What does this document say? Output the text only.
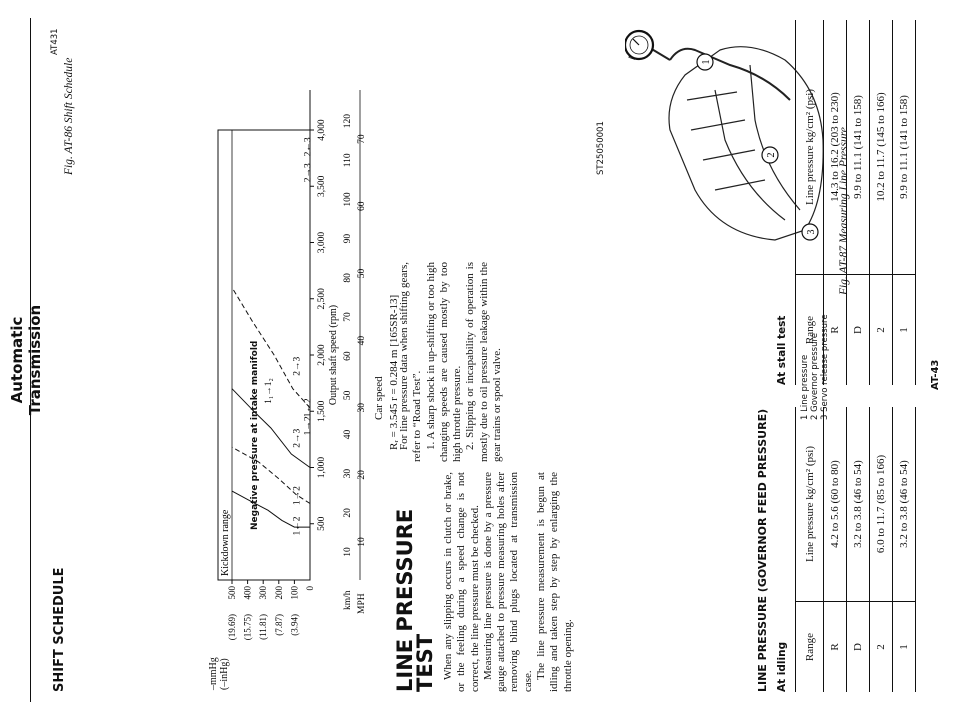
Automatic Transmission
SHIFT SCHEDULE
AT431
Fig. AT-86 Shift Schedule
Negative pressure at intake manifold
–mmHg
(–inHg)
Kickdown range
100
(3.94)
200
(7.87)
300
(11.81)
400
(15.75)
500
(19.69)
0
500
1,000
1,500
2,000
2,500
3,000
3,500
4,000
Output shaft speed (rpm)
km/h
10
20
30
40
50
60
70
80
90
100
110
120
MPH
10
20
30
40
50
60
70
1→2
1←2
2→3
2←3
1→2
1←2
2→3
2→3
1₁→1₂	Car speed Rᵣ = 3.545 r = 0.284 m [165SR-13]
LINE PRESSURE TEST When any slipping occurs in clutch or brake, or the feeling during a speed change is not correct, the line pressure must be checked. Measuring line pressure is done by a pressure gauge attached to pressure measuring holes after removing blind plugs located at transmission case.

The line pressure measurement is begun at idling and taken step by step by enlarging the throttle opening.

For line pressure data when shifting gears, refer to “Road Test”. 1. A sharp shock in up-shifting or too high changing speeds are caused mostly by too high throttle pressure. 2. Slipping or incapability of operation is mostly due to oil pressure leakage within the gear trains or spool valve.

ST25050001
1
2
3
1 Line pressure 2 Governor pressure 3 Servo release pressure
Fig. AT-87 Measuring Line Pressure
LINE PRESSURE (GOVERNOR FEED PRESSURE) At idling
At stall test
Range	Line pressure kg/cm² (psi)
R	4.2 to 5.6 (60 to 80)
D	3.2 to 3.8 (46 to 54)
2	6.0 to 11.7 (85 to 166)
1	3.2 to 3.8 (46 to 54)
Range	Line pressure kg/cm² (psi)
R	14.3 to 16.2 (203 to 230)
D	9.9 to 11.1 (141 to 158)
2	10.2 to 11.7 (145 to 166)
1	9.9 to 11.1 (141 to 158)
AT-43
